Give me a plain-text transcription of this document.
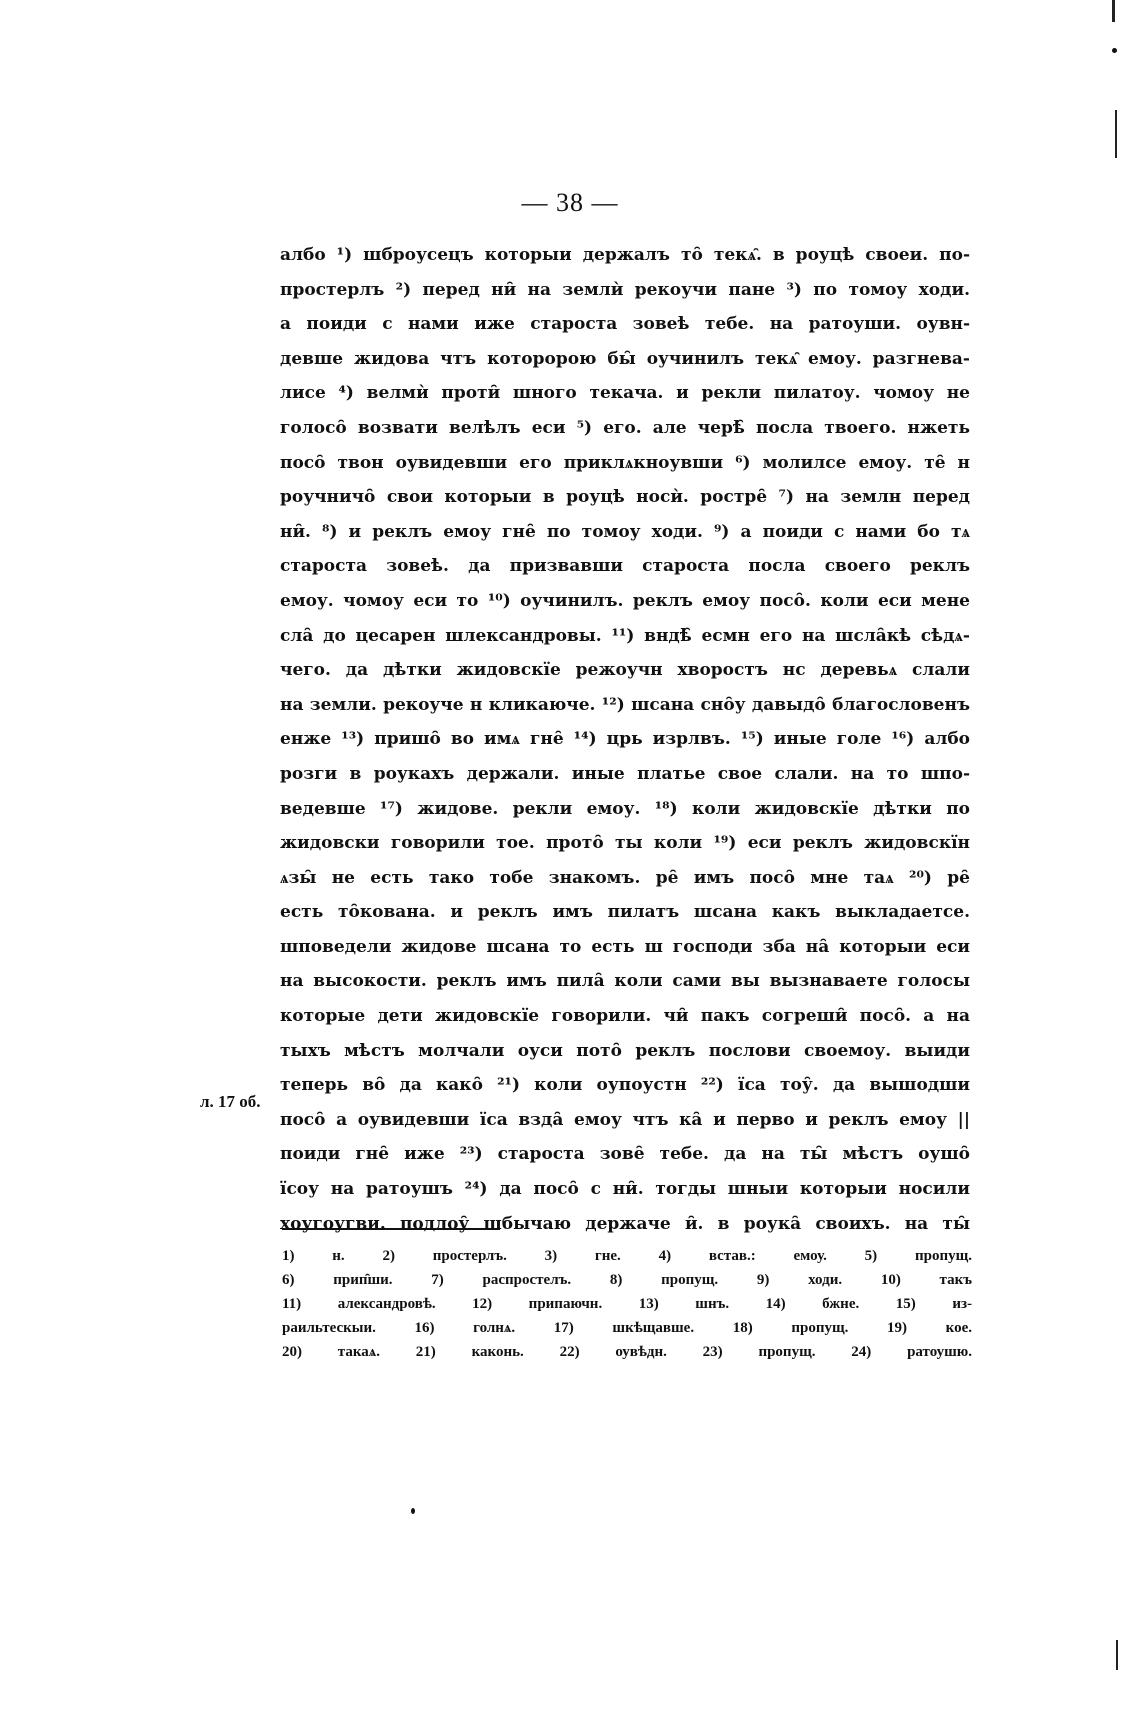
— 38 —
албо ¹) шброусецъ которыи держалъ то̑ текѧ̑. в роуцѣ своеи. по-
простерлъ ²) перед ни̑ на землѝ рекоучи пане ³) по томоу ходи.
а поиди с нами иже староста зовеѣ тебе. на ратоуши. оувн-
девше жидова чтъ которорою бы̑ оучинилъ текѧ̑ емоу. разгнева-
лисе ⁴) велмѝ проти̑ шного текача. и рекли пилатоу. чомоу не
голосо̑ возвати велѣлъ еси ⁵) его. але черѣ̑ посла твоего. нжеть
посо̑ твон оувидевши его приклѧкноувши ⁶) молилсе емоу. те̑ н
роучничо̑ свои которыи в роуцѣ носѝ. ростре̑ ⁷) на землн перед
ни̑. ⁸) и реклъ емоу гне̑ по томоу ходи. ⁹) а поиди с нами бо тѧ
староста зовеѣ. да призвавши староста посла своего реклъ
емоу. чомоу еси то ¹⁰) оучинилъ. реклъ емоу посо̑. коли еси мене
сла̑ до цесарен шлександровы. ¹¹) вндѣ̑ есмн его на шсла̑кѣ сѣдѧ-
чего. да дѣтки жидовскїе режоучн хворостъ нс деревьѧ слали
на земли. рекоуче н кликаюче. ¹²) шсана сно̑у давыдо̑ благословенъ
енже ¹³) пришо̑ во имѧ гне̑ ¹⁴) црь изрлвъ. ¹⁵) иные голе ¹⁶) албо
розги в роукахъ держали. иные платье свое слали. на то шпо-
ведевше ¹⁷) жидове. рекли емоу. ¹⁸) коли жидовскїе дѣтки по
жидовски говорили тое. прото̑ ты коли ¹⁹) еси реклъ жидовскїн
ѧзы̑ не есть тако тобе знакомъ. ре̑ имъ посо̑ мне таѧ ²⁰) ре̑
есть то̑кована. и реклъ имъ пилатъ шсана какъ выкладаетсе.
шповедели жидове шсана то есть ш господи зба на̑ которыи еси
на высокости. реклъ имъ пила̑ коли сами вы вызнаваете голосы
которые дети жидовскїе говорили. чи̑ пакъ согреши̑ посо̑. а на
тыхъ мѣстъ молчали оуси пото̑ реклъ послови своемоу. выиди
теперь во̑ да како̑ ²¹) коли оупоустн ²²) їса тоу̑. да вышодши
посо̑ а оувидевши їса взда̑ емоу чтъ ка̑ и перво и реклъ емоу ||
поиди гне̑ иже ²³) староста зове̑ тебе. да на ты̑ мѣстъ оушо̑
їсоу на ратоушъ ²⁴) да посо̑ с ни̑. тогды шныи которыи носили
хоугоугви. подлоу̑ шбычаю держаче и̑. в роука̑ своихъ. на ты̑
л. 17 об.
1) н. 2) простерлъ. 3) гне. 4) встав.: емоу. 5) пропущ.
6) прип̑ши. 7) распростелъ. 8) пропущ. 9) ходи. 10) такъ
11) александровѣ. 12) припаючн. 13) шнъ. 14) бжне. 15) из-
раильтескыи. 16) голнѧ. 17) шкѣщавше. 18) пропущ. 19) кое.
20) такаѧ. 21) каконь. 22) оувѣдн. 23) пропущ. 24) ратоушю.
